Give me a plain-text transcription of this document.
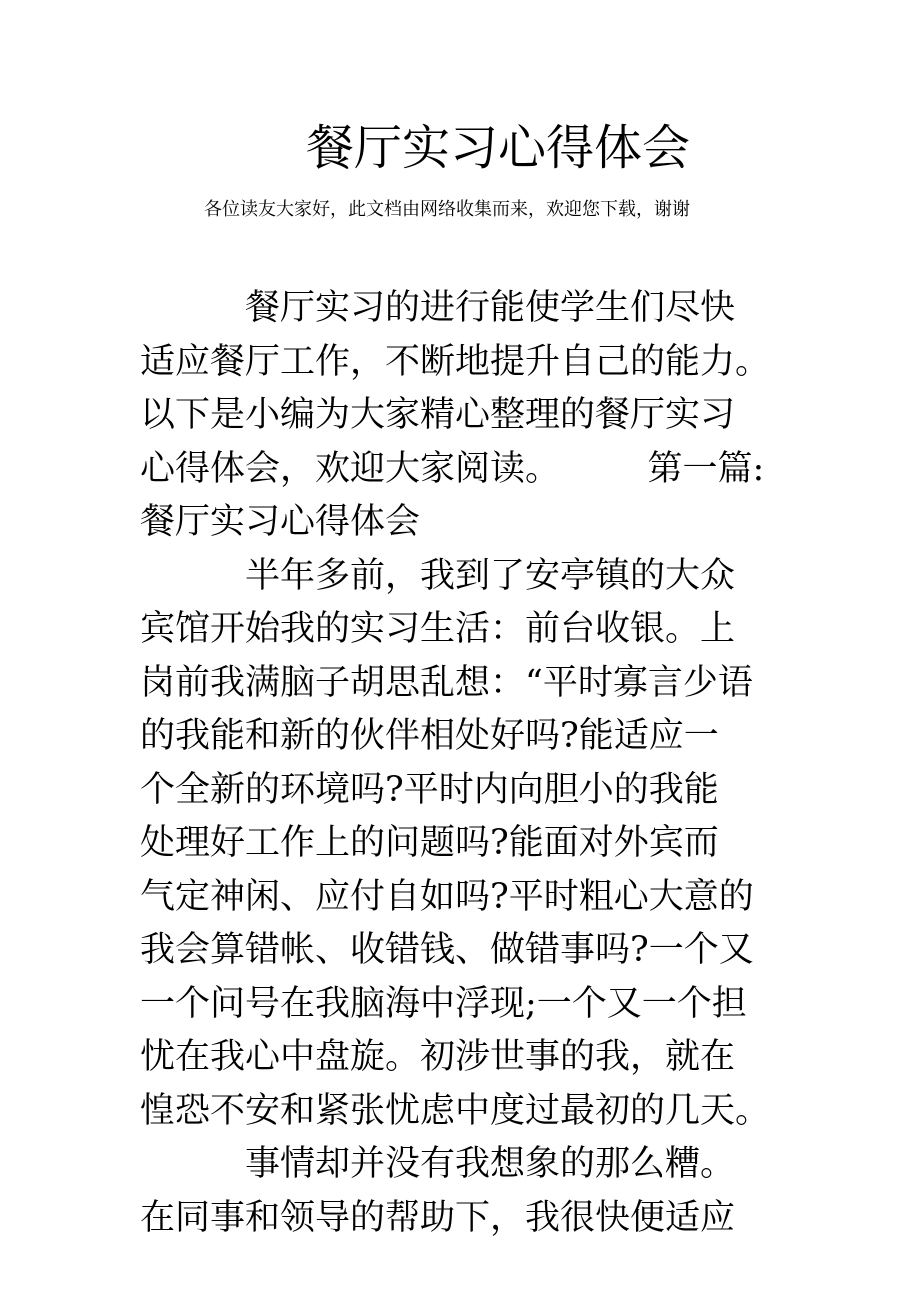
餐厅实习心得体会
各位读友大家好，此文档由网络收集而来，欢迎您下载，谢谢
　　　餐厅实习的进行能使学生们尽快
适应餐厅工作，不断地提升自己的能力。
以下是小编为大家精心整理的餐厅实习
心得体会，欢迎大家阅读。　　　第一篇:
餐厅实习心得体会
　　　半年多前，我到了安亭镇的大众
宾馆开始我的实习生活：前台收银。上
岗前我满脑子胡思乱想：“平时寡言少语
的我能和新的伙伴相处好吗?能适应一
个全新的环境吗?平时内向胆小的我能
处理好工作上的问题吗?能面对外宾而
气定神闲、应付自如吗?平时粗心大意的
我会算错帐、收错钱、做错事吗?一个又
一个问号在我脑海中浮现;一个又一个担
忧在我心中盘旋。初涉世事的我，就在
惶恐不安和紧张忧虑中度过最初的几天。
　　　事情却并没有我想象的那么糟。
在同事和领导的帮助下，我很快便适应
